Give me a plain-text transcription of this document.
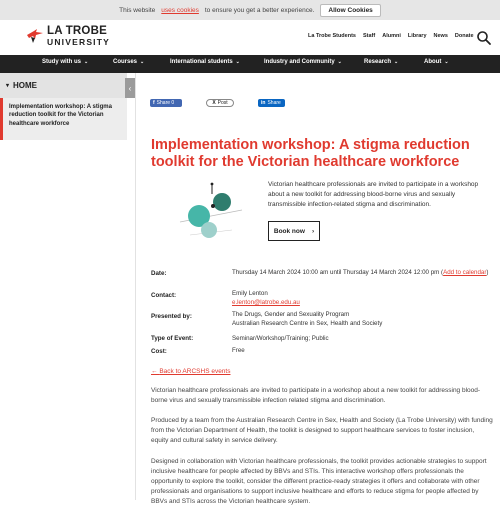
This website uses cookies to ensure you get a better experience.	Allow Cookies
LA TROBE
UNIVERSITY
La Trobe Students Staff Alumni Library News Donate
Study with us ⌄	Courses ⌄	International students ⌄	Industry and Community ⌄	Research ⌄	About ⌄
▾ HOME	‹
Implementation workshop: A stigma reduction toolkit for the Victorian healthcare workforce
f Share 0	X Post	in Share
Implementation workshop: A stigma reduction toolkit for the Victorian healthcare workforce

Victorian healthcare professionals are invited to participate in a workshop about a new toolkit for addressing blood-borne virus and sexually transmissible infection-related stigma and discrimination.

Book now ›
Date:	Thursday 14 March 2024 10:00 am until Thursday 14 March 2024 12:00 pm (Add to calendar)
Contact:	Emily Lenton
e.lenton@latrobe.edu.au
Presented by:	The Drugs, Gender and Sexuality Program
Australian Research Centre in Sex, Health and Society
Type of Event:	Seminar/Workshop/Training; Public
Cost:	Free
← Back to ARCSHS events

Victorian healthcare professionals are invited to participate in a workshop about a new toolkit for addressing blood-borne virus and sexually transmissible infection related stigma and discrimination.

Produced by a team from the Australian Research Centre in Sex, Health and Society (La Trobe University) with funding from the Victorian Department of Health, the toolkit is designed to support healthcare services to foster inclusion, equity and cultural safety in service delivery.

Designed in collaboration with Victorian healthcare professionals, the toolkit provides actionable strategies to support inclusive healthcare for people affected by BBVs and STIs. This interactive workshop offers professionals the opportunity to explore the toolkit, consider the different practice-ready strategies it offers and collaborate with other professionals and organisations to support inclusive healthcare and efforts to reduce stigma for people affected by BBVs and STIs across the Victorian healthcare system.
